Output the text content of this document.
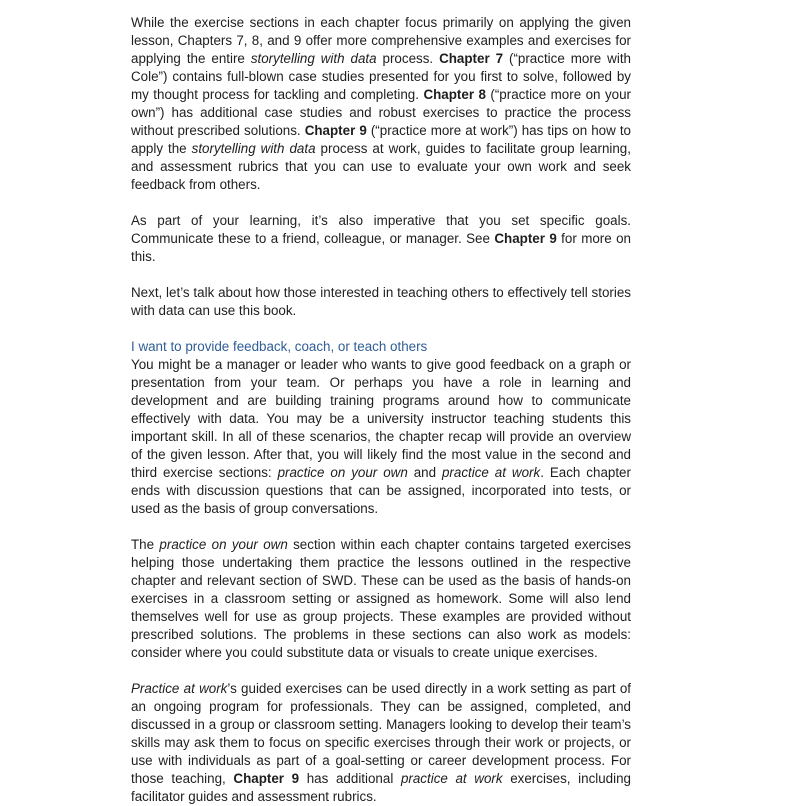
While the exercise sections in each chapter focus primarily on applying the given lesson, Chapters 7, 8, and 9 offer more comprehensive examples and exercises for applying the entire storytelling with data process. Chapter 7 (“practice more with Cole”) contains full-blown case studies presented for you first to solve, followed by my thought process for tackling and completing. Chapter 8 (“practice more on your own”) has additional case studies and robust exercises to practice the process without prescribed solutions. Chapter 9 (“practice more at work”) has tips on how to apply the storytelling with data process at work, guides to facilitate group learning, and assessment rubrics that you can use to evaluate your own work and seek feedback from others.

As part of your learning, it’s also imperative that you set specific goals. Communicate these to a friend, colleague, or manager. See Chapter 9 for more on this.

Next, let’s talk about how those interested in teaching others to effectively tell stories with data can use this book.

I want to provide feedback, coach, or teach others

You might be a manager or leader who wants to give good feedback on a graph or presentation from your team. Or perhaps you have a role in learning and development and are building training programs around how to communicate effectively with data. You may be a university instructor teaching students this important skill. In all of these scenarios, the chapter recap will provide an overview of the given lesson. After that, you will likely find the most value in the second and third exercise sections: practice on your own and practice at work. Each chapter ends with discussion questions that can be assigned, incorporated into tests, or used as the basis of group conversations.

The practice on your own section within each chapter contains targeted exercises helping those undertaking them practice the lessons outlined in the respective chapter and relevant section of SWD. These can be used as the basis of hands-on exercises in a classroom setting or assigned as homework. Some will also lend themselves well for use as group projects. These examples are provided without prescribed solutions. The problems in these sections can also work as models: consider where you could substitute data or visuals to create unique exercises.

Practice at work’s guided exercises can be used directly in a work setting as part of an ongoing program for professionals. They can be assigned, completed, and discussed in a group or classroom setting. Managers looking to develop their team’s skills may ask them to focus on specific exercises through their work or projects, or use with individuals as part of a goal-setting or career development process. For those teaching, Chapter 9 has additional practice at work exercises, including facilitator guides and assessment rubrics.
